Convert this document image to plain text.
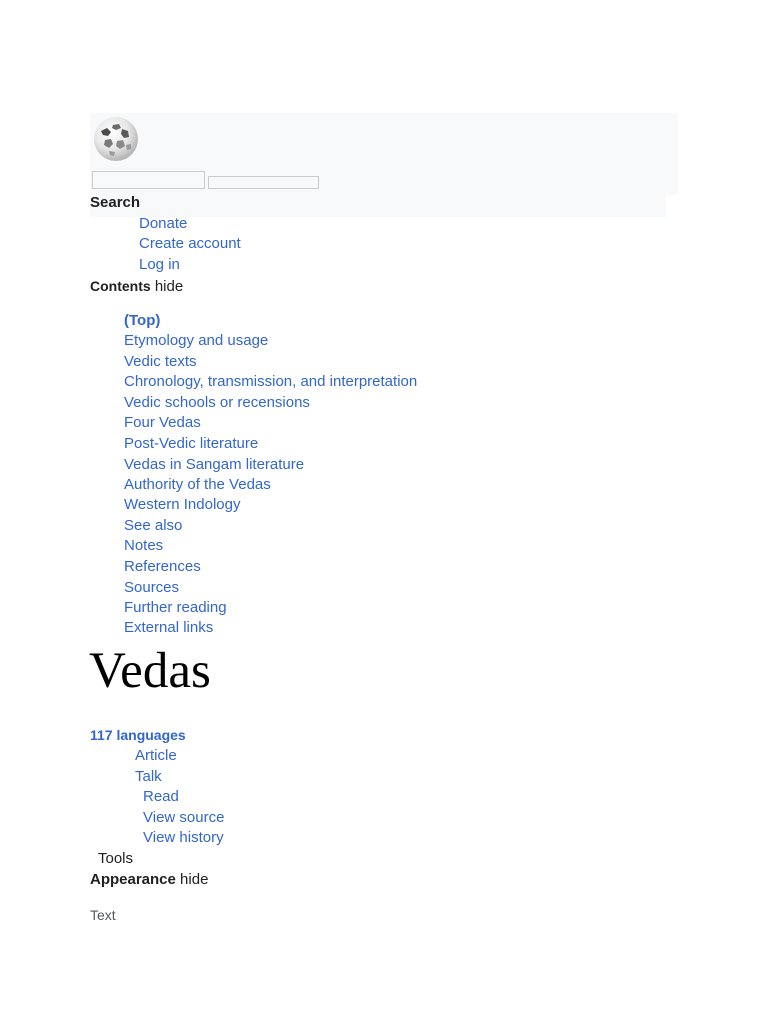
Search
Donate
Create account
Log in
Contents hide
(Top)
Etymology and usage
Vedic texts
Chronology, transmission, and interpretation
Vedic schools or recensions
Four Vedas
Post-Vedic literature
Vedas in Sangam literature
Authority of the Vedas
Western Indology
See also
Notes
References
Sources
Further reading
External links
Vedas
117 languages
Article
Talk
Read
View source
View history
Tools
Appearance hide
Text
